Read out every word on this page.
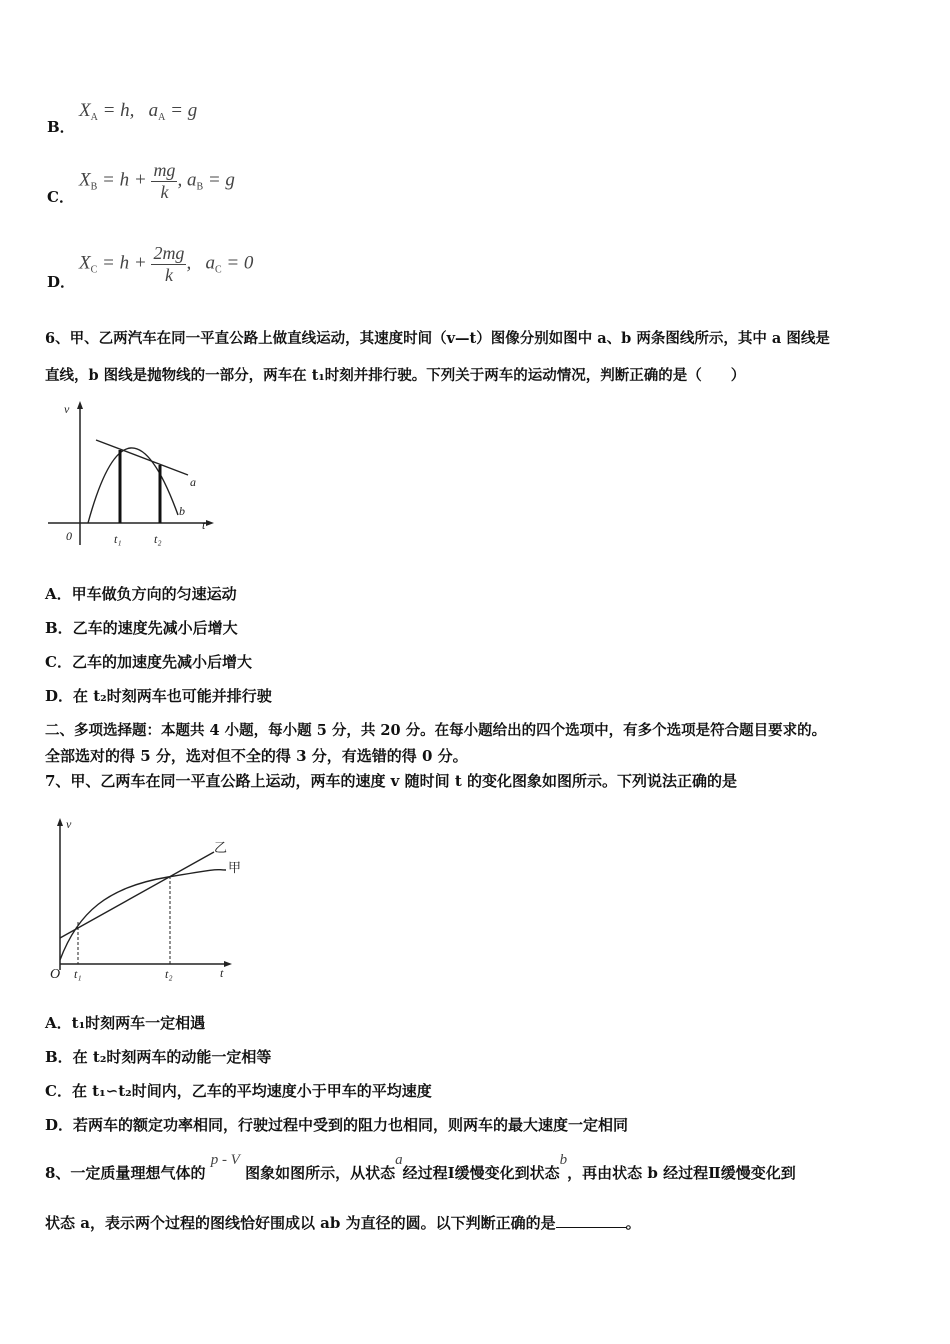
B．
$X_A = h$, $a_A = g$
C．
$X_B = h + \frac{mg}{k}$ , $a_B = g$
D．
$X_C = h + \frac{2mg}{k}$ , $a_C = 0$
6、甲、乙两汽车在同一平直公路上做直线运动，其速度时间（v—t）图像分别如图中 a、b 两条图线所示，其中 a 图线是
直线，b 图线是抛物线的一部分，两车在 t₁时刻并排行驶。下列关于两车的运动情况，判断正确的是（　　）
v
t
0	t₁	t₂
a
b
A．甲车做负方向的匀速运动
B．乙车的速度先减小后增大
C．乙车的加速度先减小后增大
D．在 t₂时刻两车也可能并排行驶
二、多项选择题：本题共 4 小题，每小题 5 分，共 20 分。在每小题给出的四个选项中，有多个选项是符合题目要求的。
全部选对的得 5 分，选对但不全的得 3 分，有选错的得 0 分。
7、甲、乙两车在同一平直公路上运动，两车的速度 v 随时间 t 的变化图象如图所示。下列说法正确的是
v
t
O t₁	t₂
乙
甲
A．t₁时刻两车一定相遇
B．在 t₂时刻两车的动能一定相等
C．在 t₁∽t₂时间内，乙车的平均速度小于甲车的平均速度
D．若两车的额定功率相同，行驶过程中受到的阻力也相同，则两车的最大速度一定相同
8、一定质量理想气体的 p - V 图象如图所示，从状态a经过程Ⅰ缓慢变化到状态b，再由状态 b 经过程Ⅱ缓慢变化到
状态 a，表示两个过程的图线恰好围成以 ab 为直径的圆。以下判断正确的是	。
